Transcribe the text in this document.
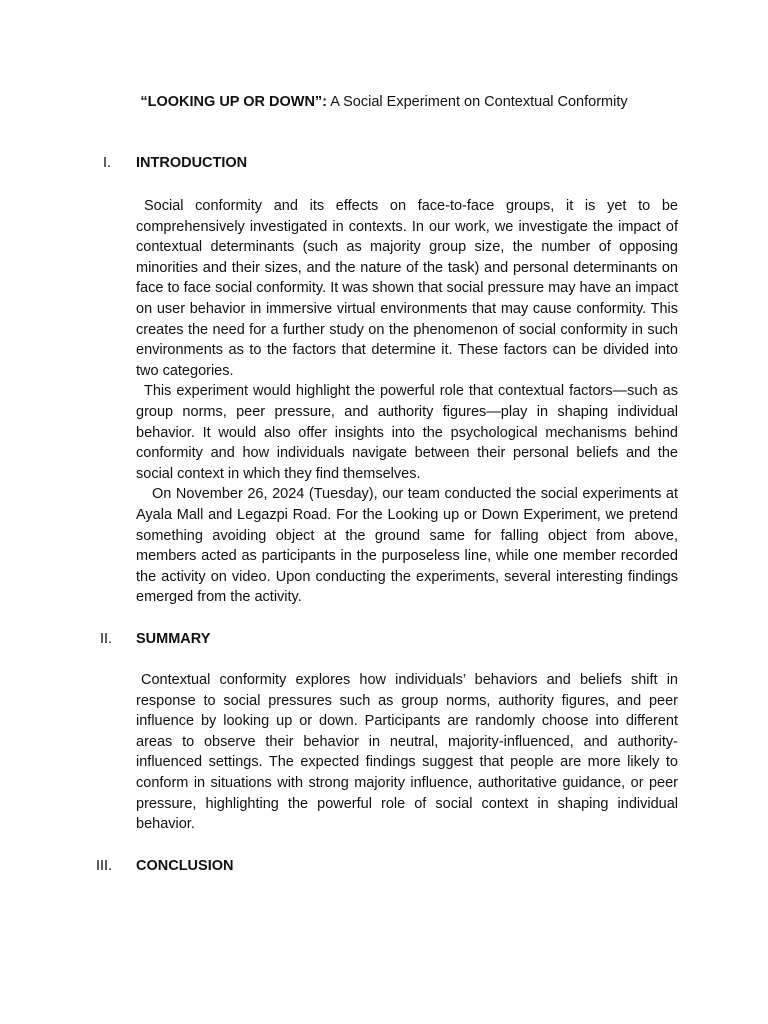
“LOOKING UP OR DOWN”: A Social Experiment on Contextual Conformity
I. INTRODUCTION

Social conformity and its effects on face-to-face groups, it is yet to be comprehensively investigated in contexts. In our work, we investigate the impact of contextual determinants (such as majority group size, the number of opposing minorities and their sizes, and the nature of the task) and personal determinants on face to face social conformity. It was shown that social pressure may have an impact on user behavior in immersive virtual environments that may cause conformity. This creates the need for a further study on the phenomenon of social conformity in such environments as to the factors that determine it. These factors can be divided into two categories.

This experiment would highlight the powerful role that contextual factors—such as group norms, peer pressure, and authority figures—play in shaping individual behavior. It would also offer insights into the psychological mechanisms behind conformity and how individuals navigate between their personal beliefs and the social context in which they find themselves.

On November 26, 2024 (Tuesday), our team conducted the social experiments at Ayala Mall and Legazpi Road. For the Looking up or Down Experiment, we pretend something avoiding object at the ground same for falling object from above, members acted as participants in the purposeless line, while one member recorded the activity on video. Upon conducting the experiments, several interesting findings emerged from the activity.

II. SUMMARY

Contextual conformity explores how individuals’ behaviors and beliefs shift in response to social pressures such as group norms, authority figures, and peer influence by looking up or down. Participants are randomly choose into different areas to observe their behavior in neutral, majority-influenced, and authority-influenced settings. The expected findings suggest that people are more likely to conform in situations with strong majority influence, authoritative guidance, or peer pressure, highlighting the powerful role of social context in shaping individual behavior.

III. CONCLUSION
